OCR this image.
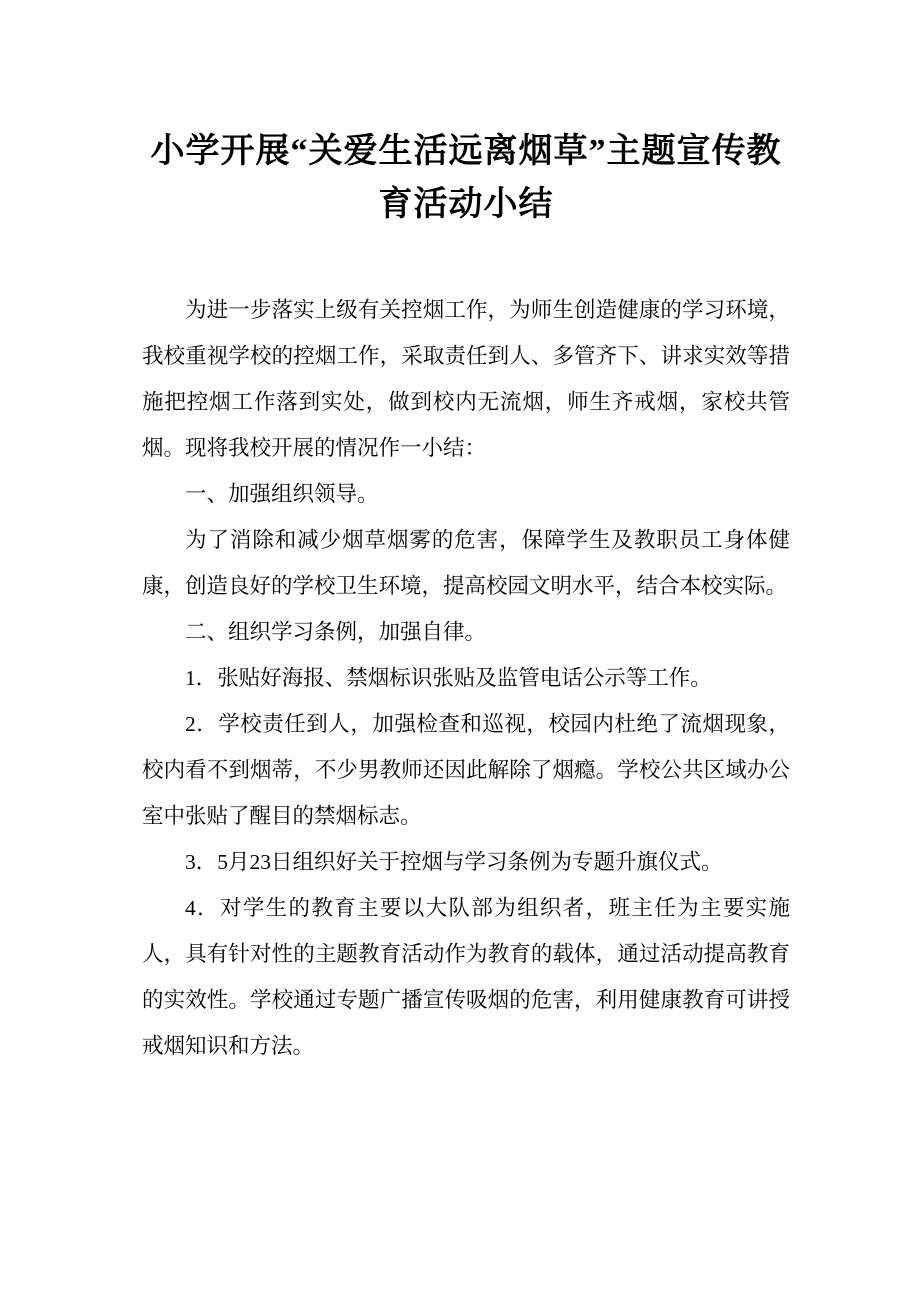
小学开展“关爱生活远离烟草”主题宣传教育活动小结

为进一步落实上级有关控烟工作，为师生创造健康的学习环境，我校重视学校的控烟工作，采取责任到人、多管齐下、讲求实效等措施把控烟工作落到实处，做到校内无流烟，师生齐戒烟，家校共管烟。现将我校开展的情况作一小结：

一、加强组织领导。

为了消除和减少烟草烟雾的危害，保障学生及教职员工身体健康，创造良好的学校卫生环境，提高校园文明水平，结合本校实际。

二、组织学习条例，加强自律。

1．张贴好海报、禁烟标识张贴及监管电话公示等工作。

2．学校责任到人，加强检查和巡视，校园内杜绝了流烟现象，校内看不到烟蒂，不少男教师还因此解除了烟瘾。学校公共区域办公室中张贴了醒目的禁烟标志。

3．5月23日组织好关于控烟与学习条例为专题升旗仪式。

4．对学生的教育主要以大队部为组织者，班主任为主要实施人，具有针对性的主题教育活动作为教育的载体，通过活动提高教育的实效性。学校通过专题广播宣传吸烟的危害，利用健康教育可讲授戒烟知识和方法。
